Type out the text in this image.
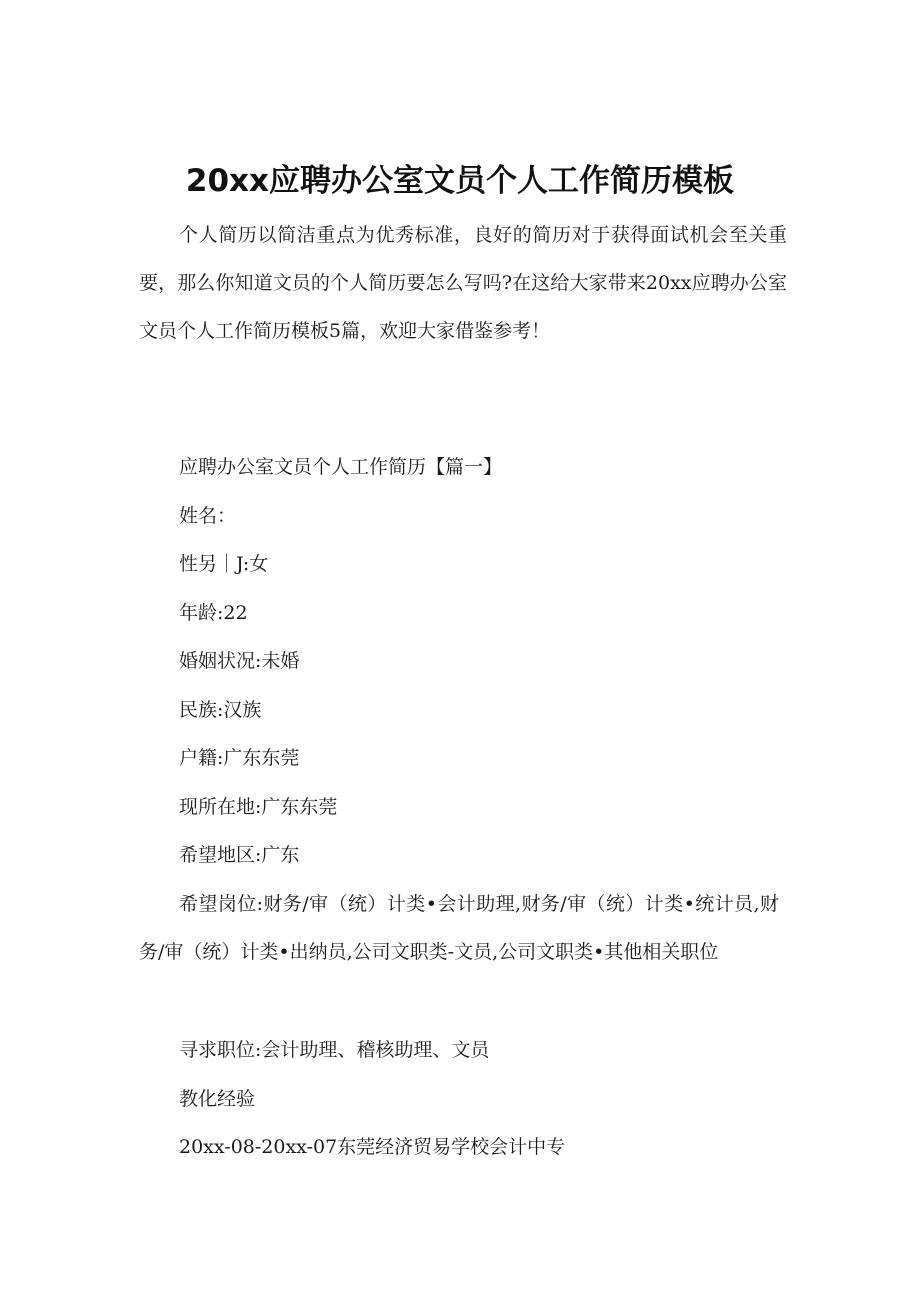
20xx应聘办公室文员个人工作简历模板

个人简历以简洁重点为优秀标准，良好的简历对于获得面试机会至关重要，那么你知道文员的个人简历要怎么写吗?在这给大家带来20xx应聘办公室文员个人工作简历模板5篇，欢迎大家借鉴参考！

应聘办公室文员个人工作简历【篇一】

姓名：

性另｜J:女

年龄:22

婚姻状况:未婚

民族:汉族

户籍:广东东莞

现所在地:广东东莞

希望地区:广东

希望岗位:财务/审（统）计类•会计助理,财务/审（统）计类•统计员,财务/审（统）计类•出纳员,公司文职类-文员,公司文职类•其他相关职位

寻求职位:会计助理、稽核助理、文员

教化经验

20xx-08-20xx-07东莞经济贸易学校会计中专
